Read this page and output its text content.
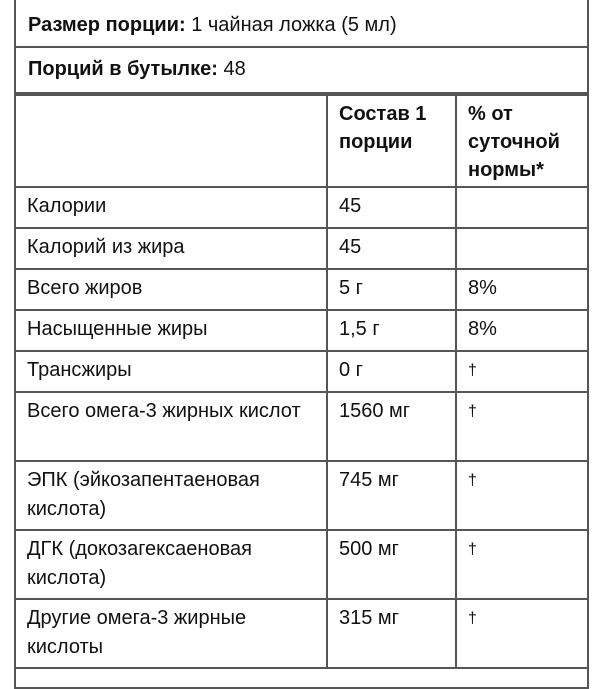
Размер порции: 1 чайная ложка (5 мл)
Порций в бутылке: 48
	Состав 1 порции	% от суточной нормы*
Калории	45	
Калорий из жира	45	
Всего жиров	5 г	8%
Насыщенные жиры	1,5 г	8%
Трансжиры	0 г	†
Всего омега-3 жирных кислот	1560 мг	†
ЭПК (эйкозапентаеновая кислота)	745 мг	†
ДГК (докозагексаеновая кислота)	500 мг	†
Другие омега-3 жирные кислоты	315 мг	†
